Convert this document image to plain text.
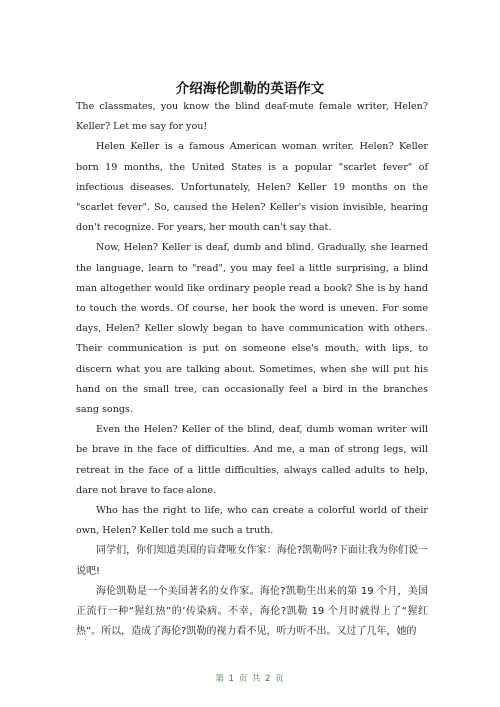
介绍海伦凯勒的英语作文

The classmates, you know the blind deaf-mute female writer, Helen? Keller? Let me say for you!

Helen Keller is a famous American woman writer. Helen? Keller born 19 months, the United States is a popular "scarlet fever" of infectious diseases. Unfortunately, Helen? Keller 19 months on the "scarlet fever". So, caused the Helen? Keller's vision invisible, hearing don't recognize. For years, her mouth can't say that.

Now, Helen? Keller is deaf, dumb and blind. Gradually, she learned the language, learn to "read", you may feel a little surprising, a blind man altogether would like ordinary people read a book? She is by hand to touch the words. Of course, her book the word is uneven. For some days, Helen? Keller slowly began to have communication with others. Their communication is put on someone else's mouth, with lips, to discern what you are talking about. Sometimes, when she will put his hand on the small tree, can occasionally feel a bird in the branches sang songs.

Even the Helen? Keller of the blind, deaf, dumb woman writer will be brave in the face of difficulties. And me, a man of strong legs, will retreat in the face of a little difficulties, always called adults to help, dare not brave to face alone.

Who has the right to life, who can create a colorful world of their own, Helen? Keller told me such a truth.

同学们，你们知道美国的盲聋哑女作家：海伦?凯勒吗?下面让我为你们说一说吧!

海伦凯勒是一个美国著名的女作家。海伦?凯勒生出来的第 19 个月，美国正流行一种“猩红热”的’传染病。不幸，海伦?凯勒 19 个月时就得上了“猩红热”。所以，造成了海伦?凯勒的视力看不见，听力听不出。又过了几年，她的

第 1 页 共 2 页
